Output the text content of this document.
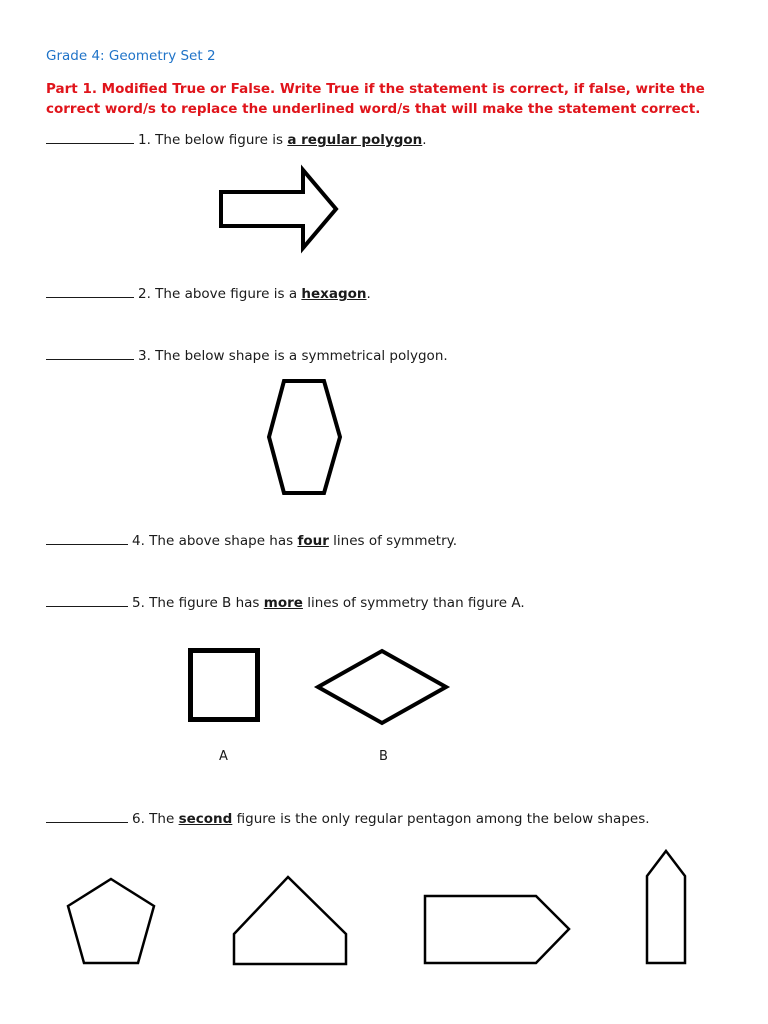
Grade 4: Geometry Set 2
Part 1. Modified True or False. Write True if the statement is correct, if false, write the correct word/s to replace the underlined word/s that will make the statement correct.
1. The below figure is a regular polygon.
2. The above figure is a hexagon.
3. The below shape is a symmetrical polygon.
4. The above shape has four lines of symmetry.
5. The figure B has more lines of symmetry than figure A.
A	B
6. The second figure is the only regular pentagon among the below shapes.
